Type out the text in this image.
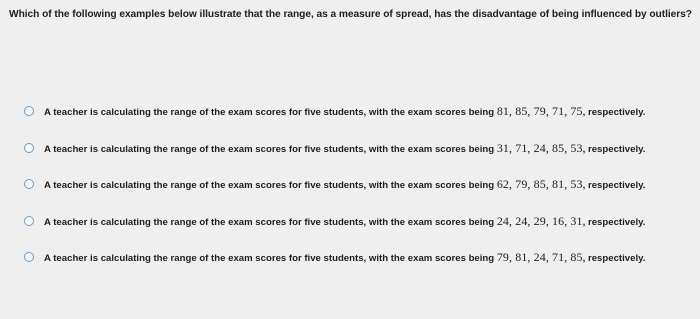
Which of the following examples below illustrate that the range, as a measure of spread, has the disadvantage of being influenced by outliers?
A teacher is calculating the range of the exam scores for five students, with the exam scores being 81, 85, 79, 71, 75, respectively.
A teacher is calculating the range of the exam scores for five students, with the exam scores being 31, 71, 24, 85, 53, respectively.
A teacher is calculating the range of the exam scores for five students, with the exam scores being 62, 79, 85, 81, 53, respectively.
A teacher is calculating the range of the exam scores for five students, with the exam scores being 24, 24, 29, 16, 31, respectively.
A teacher is calculating the range of the exam scores for five students, with the exam scores being 79, 81, 24, 71, 85, respectively.
